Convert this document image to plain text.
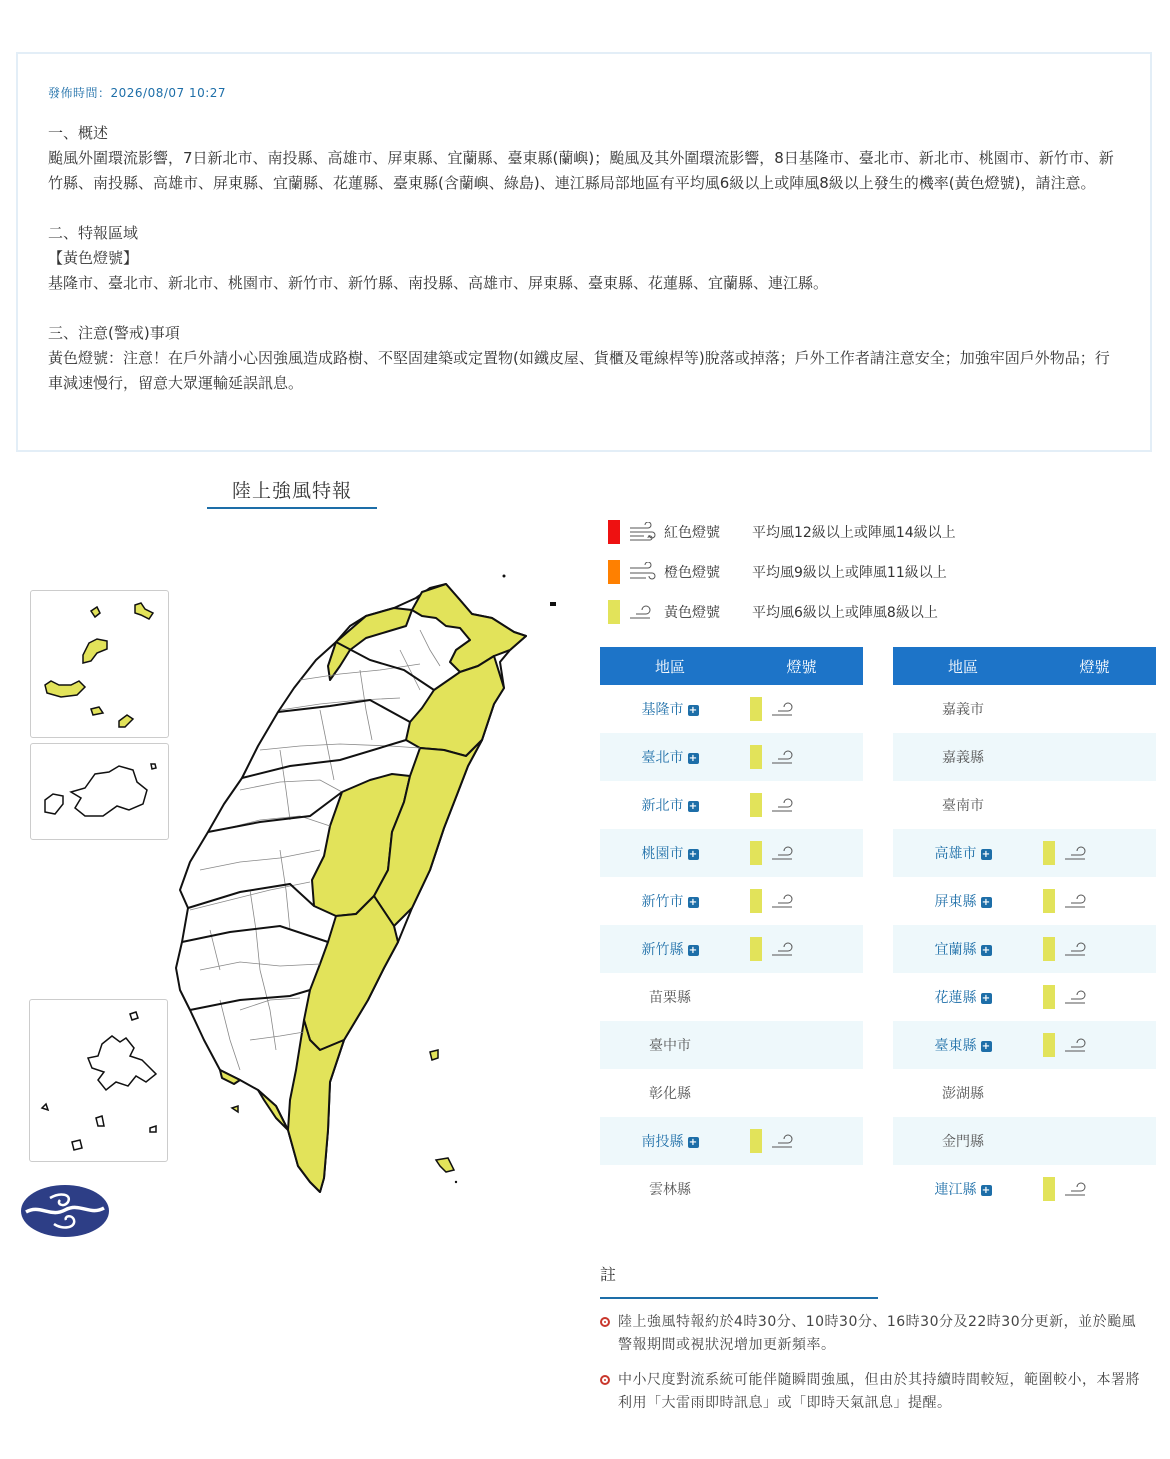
發佈時間：2026/08/07 10:27
一、概述
颱風外圍環流影響，7日新北市、南投縣、高雄市、屏東縣、宜蘭縣、臺東縣(蘭嶼)；颱風及其外圍環流影響，8日基隆市、臺北市、新北市、桃園市、新竹市、新竹縣、南投縣、高雄市、屏東縣、宜蘭縣、花蓮縣、臺東縣(含蘭嶼、綠島)、連江縣局部地區有平均風6級以上或陣風8級以上發生的機率(黃色燈號)，請注意。
二、特報區域
【黃色燈號】
基隆市、臺北市、新北市、桃園市、新竹市、新竹縣、南投縣、高雄市、屏東縣、臺東縣、花蓮縣、宜蘭縣、連江縣。
三、注意(警戒)事項
黃色燈號：注意！在戶外請小心因強風造成路樹、不堅固建築或定置物(如鐵皮屋、貨櫃及電線桿等)脫落或掉落；戶外工作者請注意安全；加強牢固戶外物品；行車減速慢行，留意大眾運輸延誤訊息。
陸上強風特報
紅色燈號	平均風12級以上或陣風14級以上
橙色燈號	平均風9級以上或陣風11級以上
黃色燈號	平均風6級以上或陣風8級以上
地區	燈號
基隆市 +	

臺北市 +	

新北市 +	

桃園市 +	

新竹市 +	

新竹縣 +	

苗栗縣	
臺中市	
彰化縣	
南投縣 +	

雲林縣	
地區	燈號
嘉義市	
嘉義縣	
臺南市	
高雄市 +	

屏東縣 +	

宜蘭縣 +	

花蓮縣 +	

臺東縣 +	

澎湖縣	
金門縣	
連江縣 +	
註
陸上強風特報約於4時30分、10時30分、16時30分及22時30分更新，並於颱風警報期間或視狀況增加更新頻率。
中小尺度對流系統可能伴隨瞬間強風，但由於其持續時間較短，範圍較小，本署將利用「大雷雨即時訊息」或「即時天氣訊息」提醒。
